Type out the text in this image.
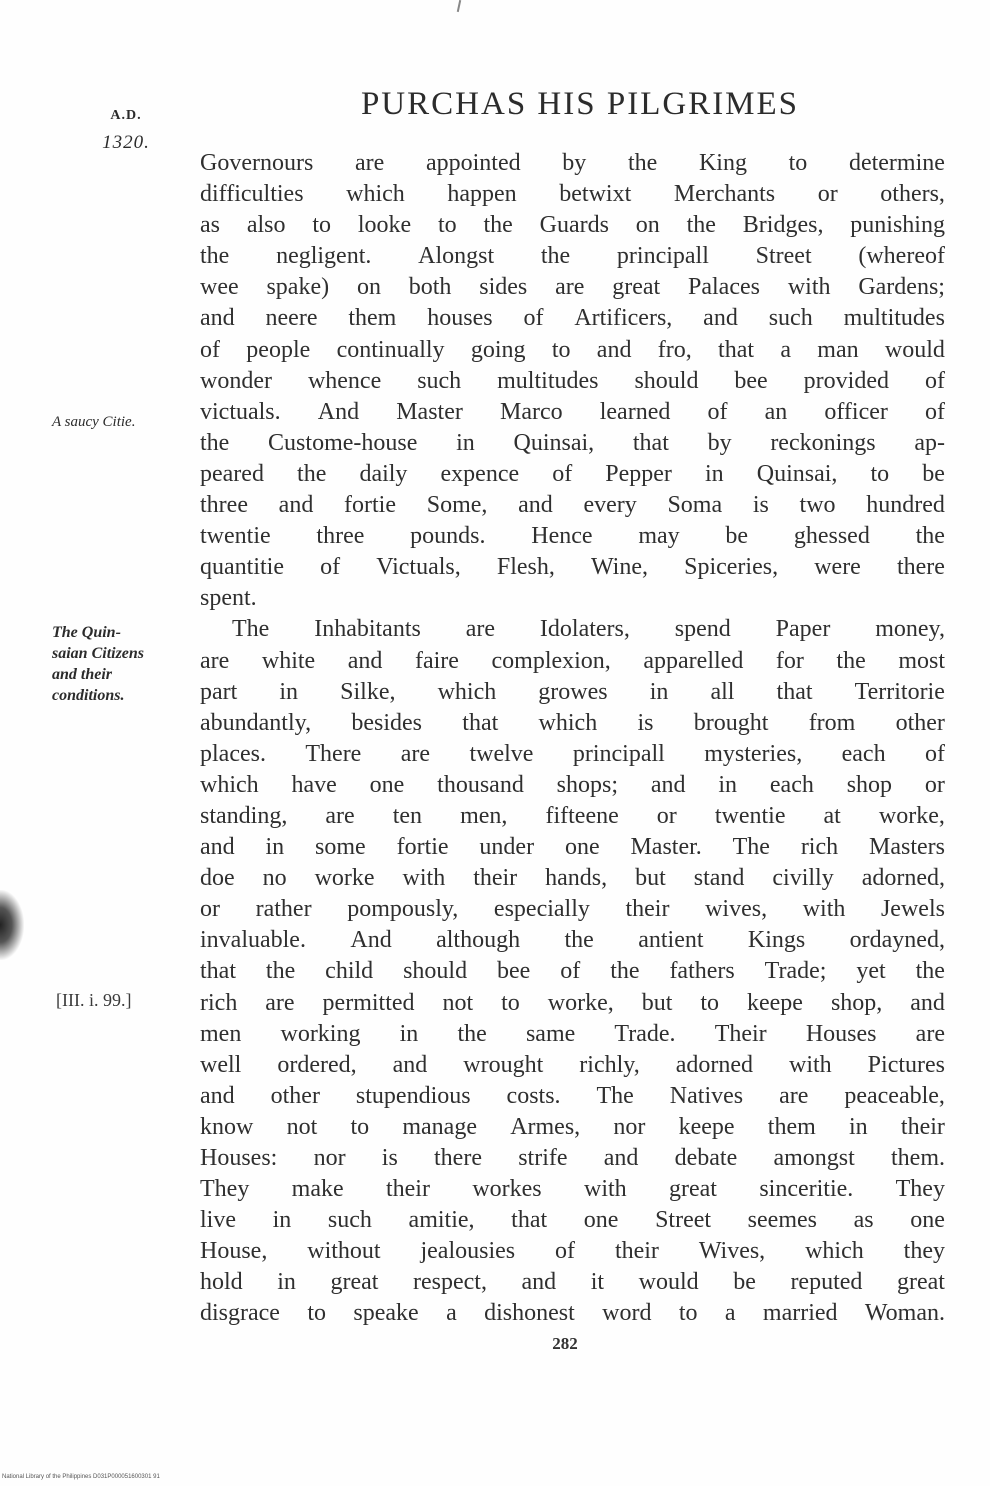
A.D.
1320.
PURCHAS HIS PILGRIMES
A saucy Citie.
The Quin-
saian Citizens
and their
conditions.
[III. i. 99.]
Governours are appointed by the King to determine
difficulties which happen betwixt Merchants or others,
as also to looke to the Guards on the Bridges, punishing
the negligent. Alongst the principall Street (whereof
wee spake) on both sides are great Palaces with Gardens;
and neere them houses of Artificers, and such multitudes
of people continually going to and fro, that a man would
wonder whence such multitudes should bee provided of
victuals. And Master Marco learned of an officer of
the Custome-house in Quinsai, that by reckonings ap-
peared the daily expence of Pepper in Quinsai, to be
three and fortie Some, and every Soma is two hundred
twentie three pounds. Hence may be ghessed the
quantitie of Victuals, Flesh, Wine, Spiceries, were there
spent.
The Inhabitants are Idolaters, spend Paper money,
are white and faire complexion, apparelled for the most
part in Silke, which growes in all that Territorie
abundantly, besides that which is brought from other
places. There are twelve principall mysteries, each of
which have one thousand shops; and in each shop or
standing, are ten men, fifteene or twentie at worke,
and in some fortie under one Master. The rich Masters
doe no worke with their hands, but stand civilly adorned,
or rather pompously, especially their wives, with Jewels
invaluable. And although the antient Kings ordayned,
that the child should bee of the fathers Trade; yet the
rich are permitted not to worke, but to keepe shop, and
men working in the same Trade. Their Houses are
well ordered, and wrought richly, adorned with Pictures
and other stupendious costs. The Natives are peaceable,
know not to manage Armes, nor keepe them in their
Houses: nor is there strife and debate amongst them.
They make their workes with great sinceritie. They
live in such amitie, that one Street seemes as one
House, without jealousies of their Wives, which they
hold in great respect, and it would be reputed great
disgrace to speake a dishonest word to a married Woman.
282
National Library of the Philippines D031P000051600301 91
